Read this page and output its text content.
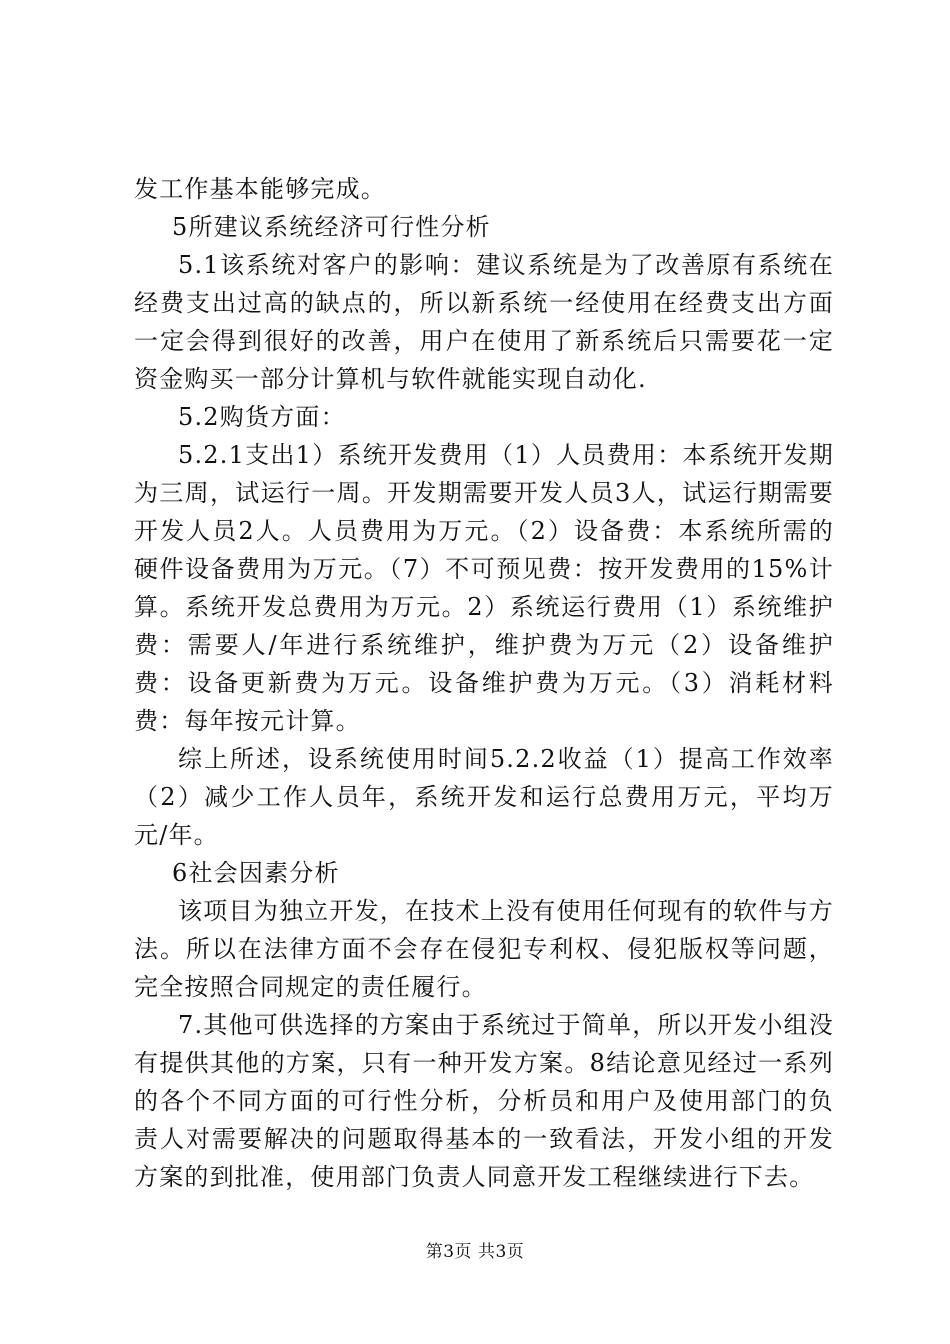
发工作基本能够完成。

5所建议系统经济可行性分析

5.1该系统对客户的影响：建议系统是为了改善原有系统在经费支出过高的缺点的，所以新系统一经使用在经费支出方面一定会得到很好的改善，用户在使用了新系统后只需要花一定资金购买一部分计算机与软件就能实现自动化.

5.2购货方面：

5.2.1支出1）系统开发费用（1）人员费用：本系统开发期为三周，试运行一周。开发期需要开发人员3人，试运行期需要开发人员2人。人员费用为万元。（2）设备费：本系统所需的硬件设备费用为万元。（7）不可预见费：按开发费用的15%计算。系统开发总费用为万元。2）系统运行费用（1）系统维护费：需要人/年进行系统维护，维护费为万元（2）设备维护费：设备更新费为万元。设备维护费为万元。（3）消耗材料费：每年按元计算。

综上所述，设系统使用时间5.2.2收益（1）提高工作效率（2）减少工作人员年，系统开发和运行总费用万元，平均万元/年。

6社会因素分析

该项目为独立开发，在技术上没有使用任何现有的软件与方法。所以在法律方面不会存在侵犯专利权、侵犯版权等问题，完全按照合同规定的责任履行。

7.其他可供选择的方案由于系统过于简单，所以开发小组没有提供其他的方案，只有一种开发方案。8结论意见经过一系列的各个不同方面的可行性分析，分析员和用户及使用部门的负责人对需要解决的问题取得基本的一致看法，开发小组的开发方案的到批准，使用部门负责人同意开发工程继续进行下去。

第3页 共3页
